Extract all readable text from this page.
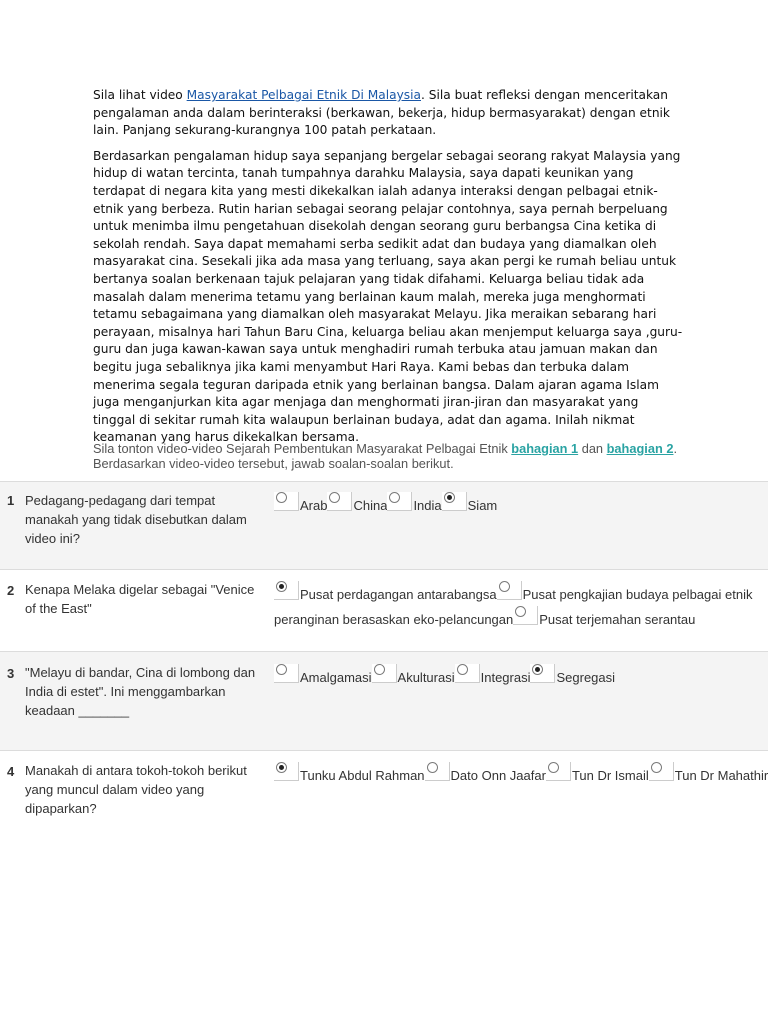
Sila lihat video Masyarakat Pelbagai Etnik Di Malaysia. Sila buat refleksi dengan menceritakan pengalaman anda dalam berinteraksi (berkawan, bekerja, hidup bermasyarakat) dengan etnik lain. Panjang sekurang-kurangnya 100 patah perkataan.

Berdasarkan pengalaman hidup saya sepanjang bergelar sebagai seorang rakyat Malaysia yang hidup di watan tercinta, tanah tumpahnya darahku Malaysia, saya dapati keunikan yang terdapat di negara kita yang mesti dikekalkan ialah adanya interaksi dengan pelbagai etnik-etnik yang berbeza. Rutin harian sebagai seorang pelajar contohnya, saya pernah berpeluang untuk menimba ilmu pengetahuan disekolah dengan seorang guru berbangsa Cina ketika di sekolah rendah. Saya dapat memahami serba sedikit adat dan budaya yang diamalkan oleh masyarakat cina. Sesekali jika ada masa yang terluang, saya akan pergi ke rumah beliau untuk bertanya soalan berkenaan tajuk pelajaran yang tidak difahami. Keluarga beliau tidak ada masalah dalam menerima tetamu yang berlainan kaum malah, mereka juga menghormati tetamu sebagaimana yang diamalkan oleh masyarakat Melayu. Jika meraikan sebarang hari perayaan, misalnya hari Tahun Baru Cina, keluarga beliau akan menjemput keluarga saya ,guru-guru dan juga kawan-kawan saya untuk menghadiri rumah terbuka atau jamuan makan dan begitu juga sebaliknya jika kami menyambut Hari Raya. Kami bebas dan terbuka dalam menerima segala teguran daripada etnik yang berlainan bangsa. Dalam ajaran agama Islam juga menganjurkan kita agar menjaga dan menghormati jiran-jiran dan masyarakat yang tinggal di sekitar rumah kita walaupun berlainan budaya, adat dan agama. Inilah nikmat keamanan yang harus dikekalkan bersama.

Sila tonton video-video Sejarah Pembentukan Masyarakat Pelbagai Etnik bahagian 1 dan bahagian 2. Berdasarkan video-video tersebut, jawab soalan-soalan berikut.
1 Pedagang-pedagang dari tempat manakah yang tidak disebutkan dalam video ini?
Arab China India Siam
2 Kenapa Melaka digelar sebagai "Venice of the East"
Pusat perdagangan antarabangsa Pusat pengkajian budaya pelbagai etnik
peranginan berasaskan eko-pelancungan Pusat terjemahan serantau
3 "Melayu di bandar, Cina di lombong dan India di estet". Ini menggambarkan keadaan _______
Amalgamasi Akulturasi Integrasi Segregasi
4 Manakah di antara tokoh-tokoh berikut yang muncul dalam video yang dipaparkan?
Tunku Abdul Rahman Dato Onn Jaafar Tun Dr Ismail Tun Dr Mahathir
